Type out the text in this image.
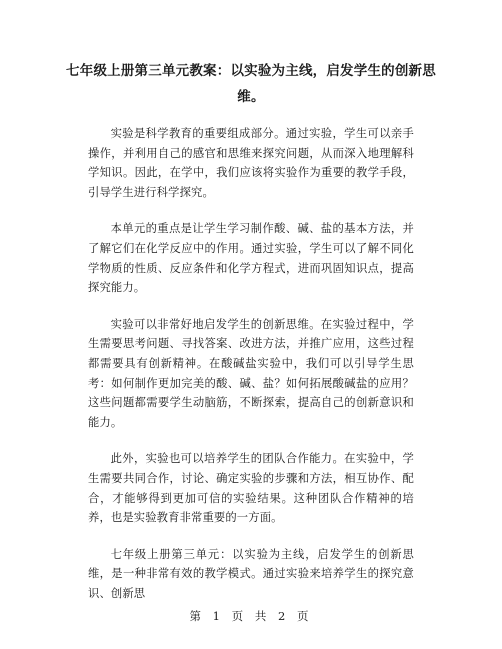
七年级上册第三单元教案：以实验为主线，启发学生的创新思维。

实验是科学教育的重要组成部分。通过实验，学生可以亲手操作，并利用自己的感官和思维来探究问题，从而深入地理解科学知识。因此，在学中，我们应该将实验作为重要的教学手段，引导学生进行科学探究。

本单元的重点是让学生学习制作酸、碱、盐的基本方法，并了解它们在化学反应中的作用。通过实验，学生可以了解不同化学物质的性质、反应条件和化学方程式，进而巩固知识点，提高探究能力。

实验可以非常好地启发学生的创新思维。在实验过程中，学生需要思考问题、寻找答案、改进方法，并推广应用，这些过程都需要具有创新精神。在酸碱盐实验中，我们可以引导学生思考：如何制作更加完美的酸、碱、盐？如何拓展酸碱盐的应用？这些问题都需要学生动脑筋，不断探索，提高自己的创新意识和能力。

此外，实验也可以培养学生的团队合作能力。在实验中，学生需要共同合作，讨论、确定实验的步骤和方法，相互协作、配合，才能够得到更加可信的实验结果。这种团队合作精神的培养，也是实验教育非常重要的一方面。

七年级上册第三单元：以实验为主线，启发学生的创新思维，是一种非常有效的教学模式。通过实验来培养学生的探究意识、创新思

第 1 页 共 2 页
